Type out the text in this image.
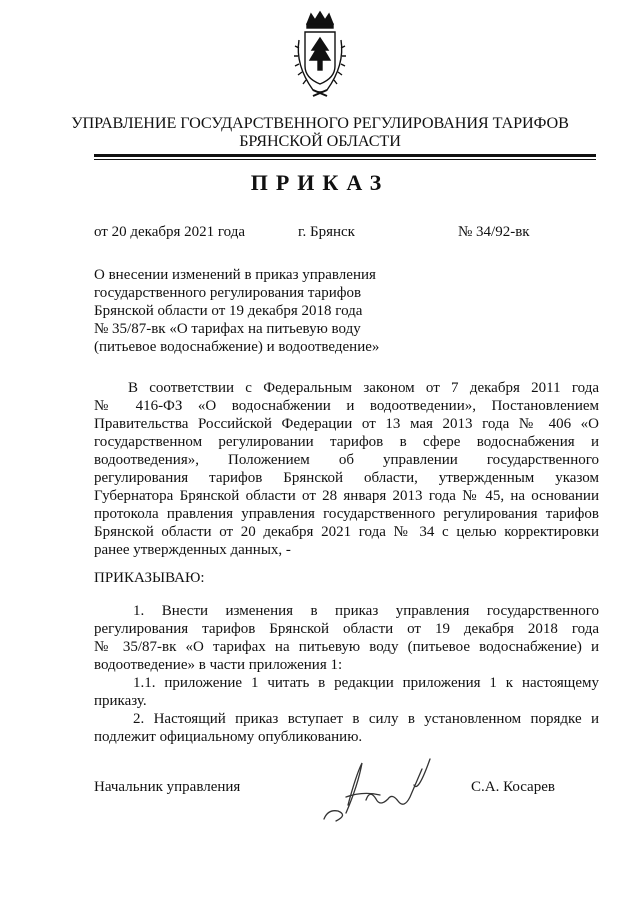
УПРАВЛЕНИЕ ГОСУДАРСТВЕННОГО РЕГУЛИРОВАНИЯ ТАРИФОВ
БРЯНСКОЙ ОБЛАСТИ
ПРИКАЗ
от 20 декабря 2021 года	г. Брянск	№ 34/92-вк
О внесении изменений в приказ управления
государственного регулирования тарифов
Брянской области от 19 декабря 2018 года
№ 35/87-вк «О тарифах на питьевую воду
(питьевое водоснабжение) и водоотведение»
В соответствии с Федеральным законом от 7 декабря 2011 года
№ 416-ФЗ «О водоснабжении и водоотведении», Постановлением
Правительства Российской Федерации от 13 мая 2013 года № 406 «О
государственном регулировании тарифов в сфере водоснабжения и
водоотведения», Положением об управлении государственного
регулирования тарифов Брянской области, утвержденным указом
Губернатора Брянской области от 28 января 2013 года № 45, на основании
протокола правления управления государственного регулирования тарифов
Брянской области от 20 декабря 2021 года № 34 с целью корректировки
ранее утвержденных данных, -
ПРИКАЗЫВАЮ:
1. Внести изменения в приказ управления государственного
регулирования тарифов Брянской области от 19 декабря 2018 года
№ 35/87-вк «О тарифах на питьевую воду (питьевое водоснабжение) и
водоотведение» в части приложения 1:
1.1. приложение 1 читать в редакции приложения 1 к настоящему
приказу.
2. Настоящий приказ вступает в силу в установленном порядке и
подлежит официальному опубликованию.
Начальник управления	С.А. Косарев
